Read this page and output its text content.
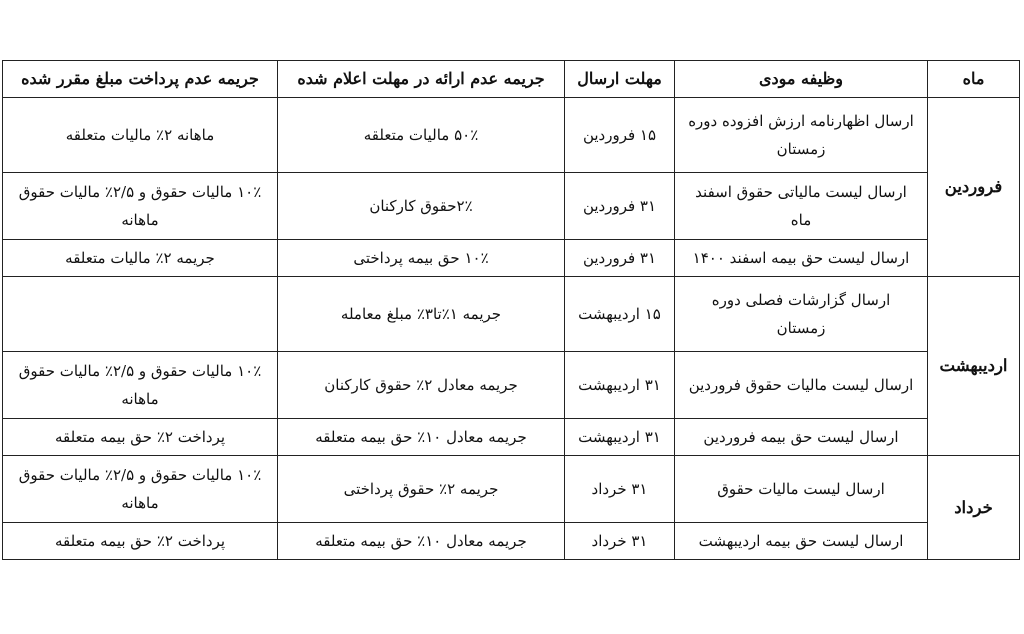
ماه	وظیفه مودی	مهلت ارسال	جریمه عدم ارائه در مهلت اعلام شده	جریمه عدم پرداخت مبلغ مقرر شده
فروردین	ارسال اظهارنامه ارزش افزوده دوره زمستان	۱۵ فروردین	۵۰٪ مالیات متعلقه	ماهانه ۲٪ مالیات متعلقه
	ارسال لیست مالیاتی حقوق اسفند ماه	۳۱ فروردین	۲٪حقوق کارکنان	۱۰٪ مالیات حقوق و ۲/۵٪ مالیات حقوق ماهانه
	ارسال لیست حق بیمه اسفند ۱۴۰۰	۳۱ فروردین	۱۰٪ حق بیمه پرداختی	جریمه ۲٪ مالیات متعلقه
اردیبهشت	ارسال گزارشات فصلی دوره زمستان	۱۵ اردیبهشت	جریمه ۱٪تا۳٪ مبلغ معامله	
	ارسال لیست مالیات حقوق فروردین	۳۱ اردیبهشت	جریمه معادل ۲٪ حقوق کارکنان	۱۰٪ مالیات حقوق و ۲/۵٪ مالیات حقوق ماهانه
	ارسال لیست حق بیمه فروردین	۳۱ اردیبهشت	جریمه معادل ۱۰٪ حق بیمه متعلقه	پرداخت ۲٪ حق بیمه متعلقه
خرداد	ارسال لیست مالیات حقوق	۳۱ خرداد	جریمه ۲٪ حقوق پرداختی	۱۰٪ مالیات حقوق و ۲/۵٪ مالیات حقوق ماهانه
	ارسال لیست حق بیمه اردیبهشت	۳۱ خرداد	جریمه معادل ۱۰٪ حق بیمه متعلقه	پرداخت ۲٪ حق بیمه متعلقه
